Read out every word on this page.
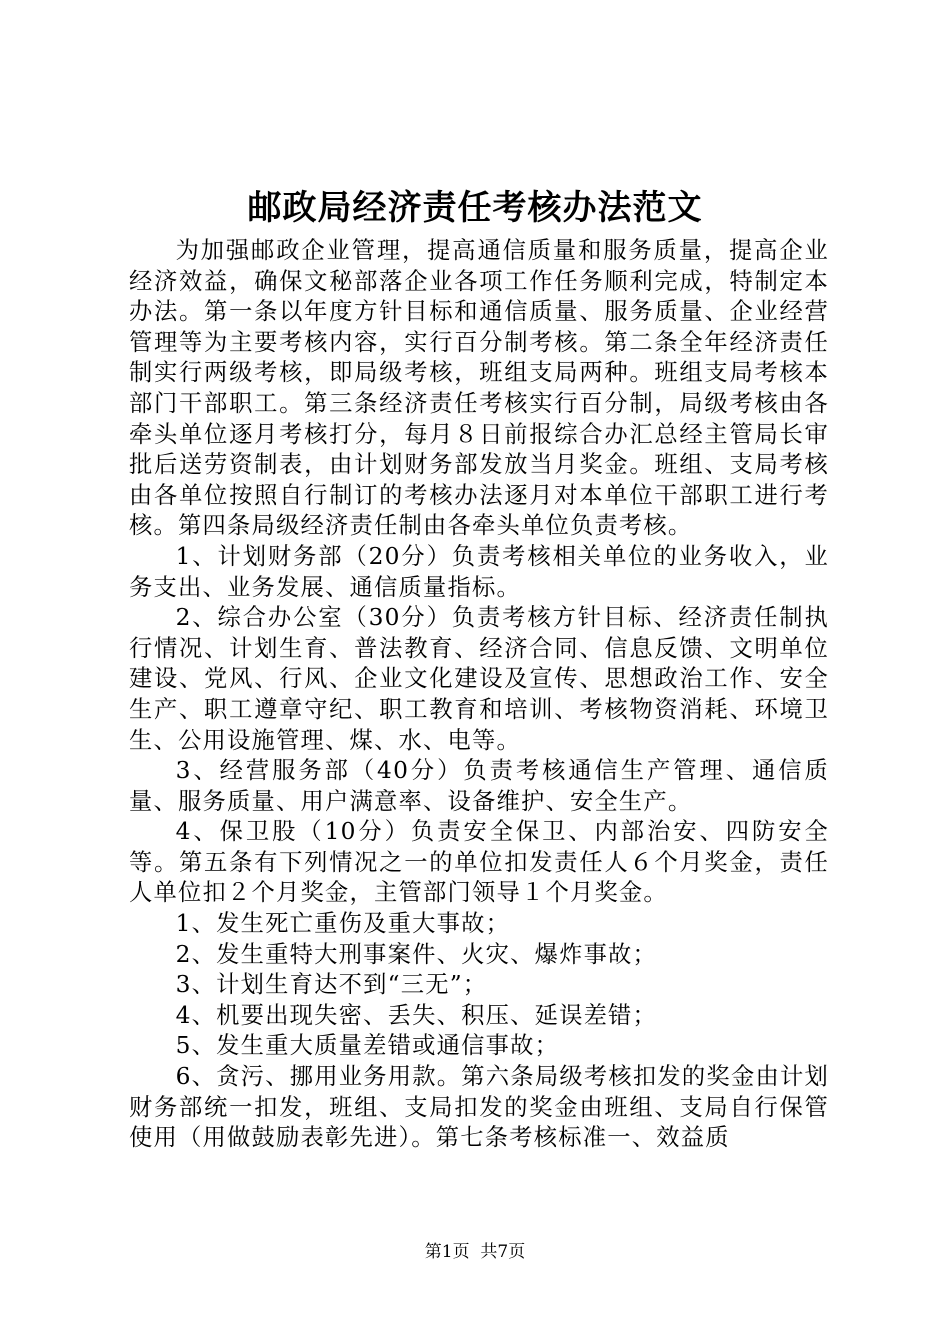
邮政局经济责任考核办法范文

为加强邮政企业管理，提高通信质量和服务质量，提高企业经济效益，确保文秘部落企业各项工作任务顺利完成，特制定本办法。第一条以年度方针目标和通信质量、服务质量、企业经营管理等为主要考核内容，实行百分制考核。第二条全年经济责任制实行两级考核，即局级考核，班组支局两种。班组支局考核本部门干部职工。第三条经济责任考核实行百分制，局级考核由各牵头单位逐月考核打分，每月８日前报综合办汇总经主管局长审批后送劳资制表，由计划财务部发放当月奖金。班组、支局考核由各单位按照自行制订的考核办法逐月对本单位干部职工进行考核。第四条局级经济责任制由各牵头单位负责考核。

1、计划财务部（20分）负责考核相关单位的业务收入，业务支出、业务发展、通信质量指标。

2、综合办公室（30分）负责考核方针目标、经济责任制执行情况、计划生育、普法教育、经济合同、信息反馈、文明单位建设、党风、行风、企业文化建设及宣传、思想政治工作、安全生产、职工遵章守纪、职工教育和培训、考核物资消耗、环境卫生、公用设施管理、煤、水、电等。

3、经营服务部（40分）负责考核通信生产管理、通信质量、服务质量、用户满意率、设备维护、安全生产。

4、保卫股（10分）负责安全保卫、内部治安、四防安全等。第五条有下列情况之一的单位扣发责任人６个月奖金，责任人单位扣２个月奖金，主管部门领导１个月奖金。

1、发生死亡重伤及重大事故；

2、发生重特大刑事案件、火灾、爆炸事故；

3、计划生育达不到“三无”；

4、机要出现失密、丢失、积压、延误差错；

5、发生重大质量差错或通信事故；

6、贪污、挪用业务用款。第六条局级考核扣发的奖金由计划财务部统一扣发，班组、支局扣发的奖金由班组、支局自行保管使用（用做鼓励表彰先进）。第七条考核标准一、效益质

第1页  共7页
